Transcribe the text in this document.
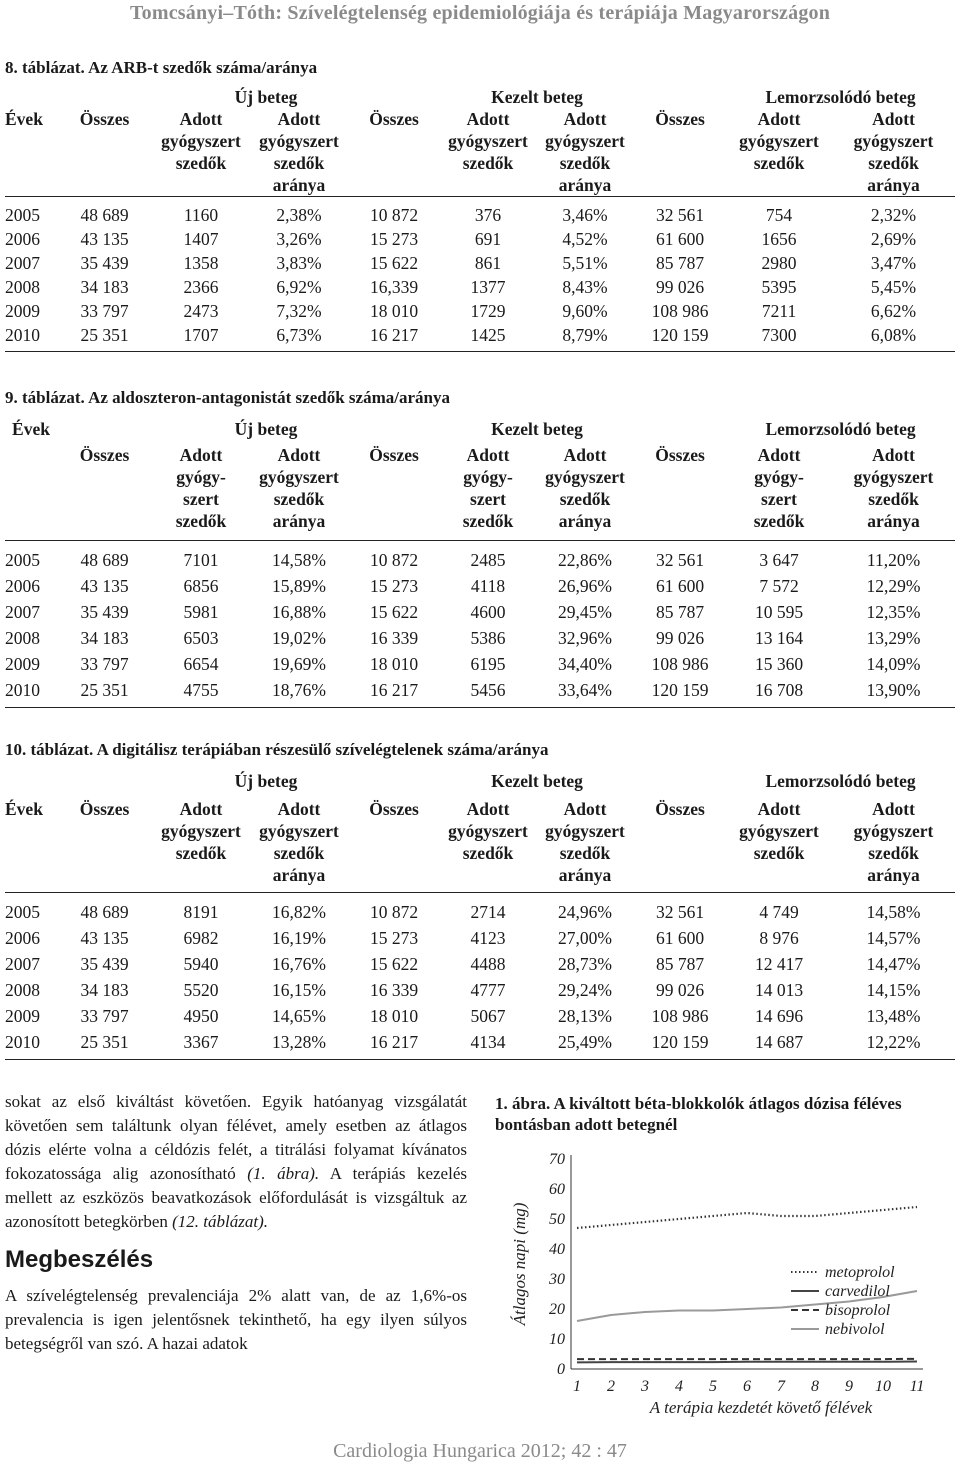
Tomcsányi–Tóth: Szívelégtelenség epidemiológiája és terápiája Magyarországon

8. táblázat. Az ARB-t szedők száma/aránya

		Új beteg			Kezelt beteg			Lemorzsolódó beteg	
Évek	Összes	Adott
gyógyszert
szedők	Adott
gyógyszert
szedők
aránya	Összes	Adott
gyógyszert
szedők	Adott
gyógyszert
szedők
aránya	Összes	Adott
gyógyszert
szedők	Adott
gyógyszert
szedők
aránya
2005	48 689	1160	2,38%	10 872	376	3,46%	32 561	754	2,32%
2006	43 135	1407	3,26%	15 273	691	4,52%	61 600	1656	2,69%
2007	35 439	1358	3,83%	15 622	861	5,51%	85 787	2980	3,47%
2008	34 183	2366	6,92%	16,339	1377	8,43%	99 026	5395	5,45%
2009	33 797	2473	7,32%	18 010	1729	9,60%	108 986	7211	6,62%
2010	25 351	1707	6,73%	16 217	1425	8,79%	120 159	7300	6,08%

9. táblázat. Az aldoszteron-antagonistát szedők száma/aránya

Évek		Új beteg			Kezelt beteg			Lemorzsolódó beteg	
	Összes	Adott
gyógy-
szert
szedők	Adott
gyógyszert
szedők
aránya	Összes	Adott
gyógy-
szert
szedők	Adott
gyógyszert
szedők
aránya	Összes	Adott
gyógy-
szert
szedők	Adott
gyógyszert
szedők
aránya
2005	48 689	7101	14,58%	10 872	2485	22,86%	32 561	3 647	11,20%
2006	43 135	6856	15,89%	15 273	4118	26,96%	61 600	7 572	12,29%
2007	35 439	5981	16,88%	15 622	4600	29,45%	85 787	10 595	12,35%
2008	34 183	6503	19,02%	16 339	5386	32,96%	99 026	13 164	13,29%
2009	33 797	6654	19,69%	18 010	6195	34,40%	108 986	15 360	14,09%
2010	25 351	4755	18,76%	16 217	5456	33,64%	120 159	16 708	13,90%

10. táblázat. A digitálisz terápiában részesülő szívelégtelenek száma/aránya

		Új beteg			Kezelt beteg			Lemorzsolódó beteg	
Évek	Összes	Adott
gyógyszert
szedők	Adott
gyógyszert
szedők
aránya	Összes	Adott
gyógyszert
szedők	Adott
gyógyszert
szedők
aránya	Összes	Adott
gyógyszert
szedők	Adott
gyógyszert
szedők
aránya
2005	48 689	8191	16,82%	10 872	2714	24,96%	32 561	4 749	14,58%
2006	43 135	6982	16,19%	15 273	4123	27,00%	61 600	8 976	14,57%
2007	35 439	5940	16,76%	15 622	4488	28,73%	85 787	12 417	14,47%
2008	34 183	5520	16,15%	16 339	4777	29,24%	99 026	14 013	14,15%
2009	33 797	4950	14,65%	18 010	5067	28,13%	108 986	14 696	13,48%
2010	25 351	3367	13,28%	16 217	4134	25,49%	120 159	14 687	12,22%

sokat az első kiváltást követően. Egyik hatóanyag vizsgálatát követően sem találtunk olyan félévet, amely esetben az átlagos dózis elérte volna a céldózis felét, a titrálási folyamat kívánatos fokozatossága alig azonosítható (1. ábra). A terápiás kezelés mellett az eszközös beavatkozások előfordulását is vizsgáltuk az azonosított betegkörben (12. táblázat).

Megbeszélés

A szívelégtelenség prevalenciája 2% alatt van, de az 1,6%-os prevalencia is igen jelentősnek tekinthető, ha egy ilyen súlyos betegségről van szó. A hazai adatok

1. ábra. A kiváltott béta-blokkolók átlagos dózisa féléves bontásban adott betegnél

0
10
20
30
40
50
60
70
1 2 3 4 5 6 7 8 9 10 11
Átlagos napi (mg)
A terápia kezdetét követő félévek
metoprolol
carvedilol
bisoprolol
nebivolol
Cardiologia Hungarica 2012; 42 : 47
